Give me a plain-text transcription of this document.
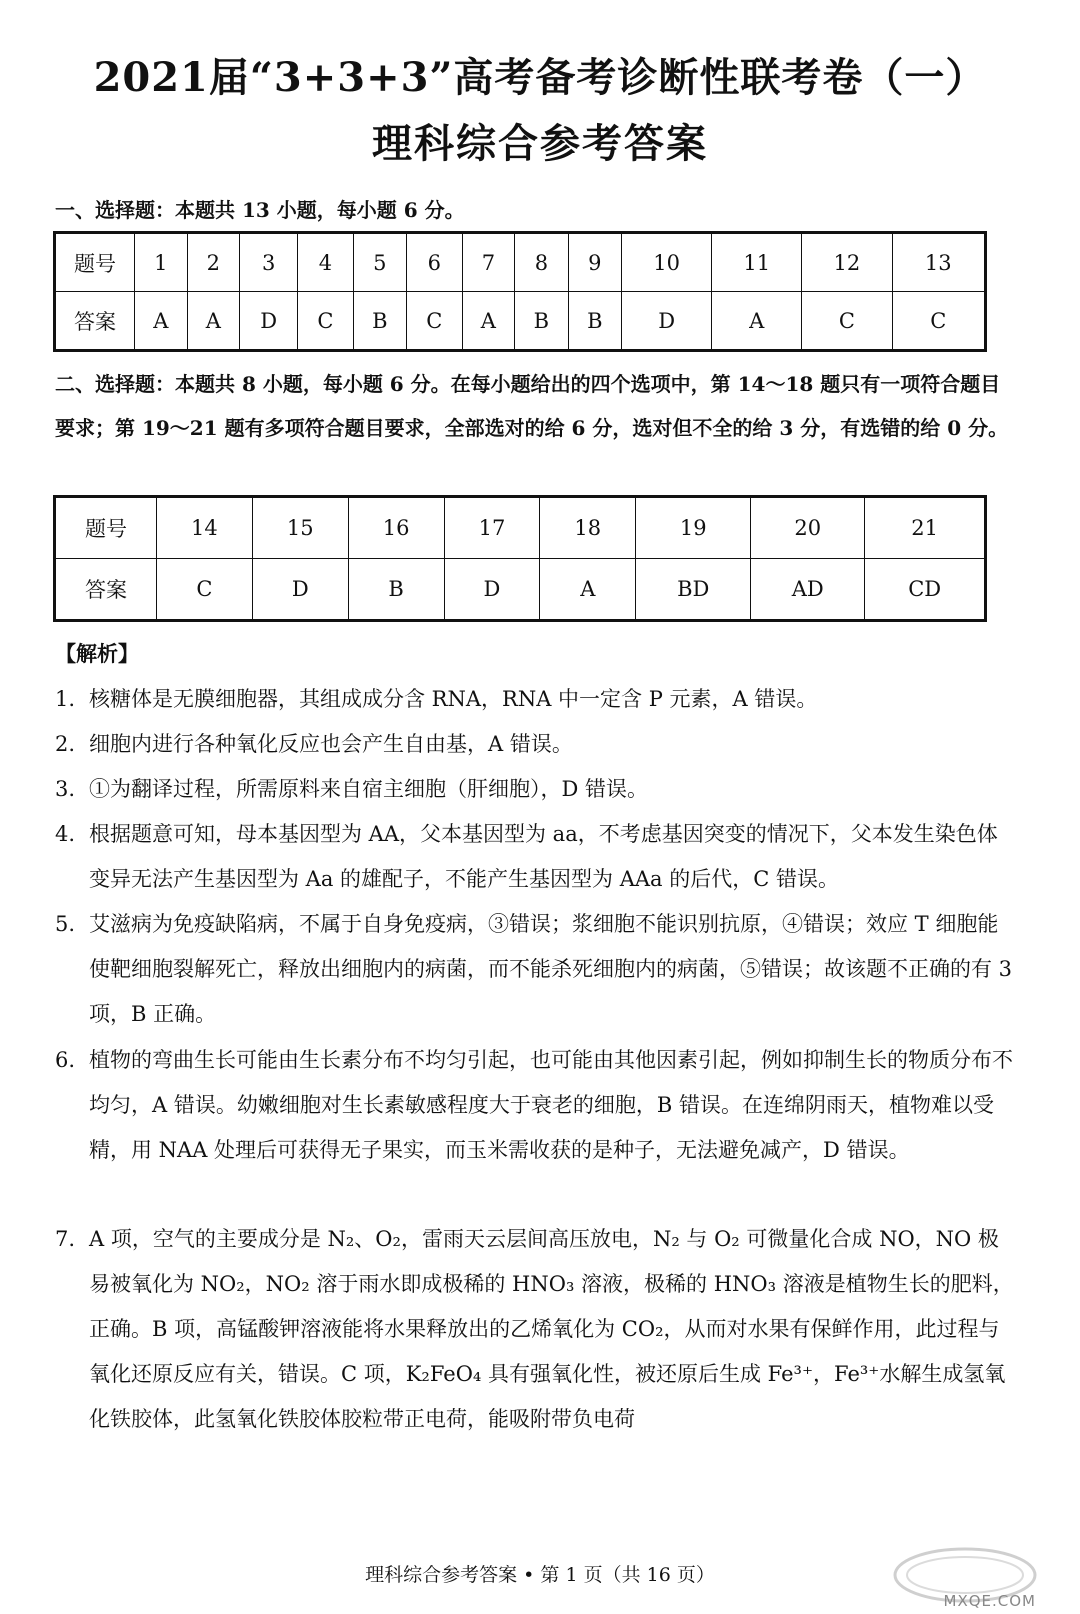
2021届“3+3+3”高考备考诊断性联考卷（一）
理科综合参考答案
一、选择题：本题共 13 小题，每小题 6 分。
题号	1	2	3	4	5	6	7	8	9	10	11	12	13
答案	A	A	D	C	B	C	A	B	B	D	A	C	C
二、选择题：本题共 8 小题，每小题 6 分。在每小题给出的四个选项中，第 14～18 题只有一项符合题目要求；第 19～21 题有多项符合题目要求，全部选对的给 6 分，选对但不全的给 3 分，有选错的给 0 分。
题号	14	15	16	17	18	19	20	21
答案	C	D	B	D	A	BD	AD	CD
【解析】
1. 核糖体是无膜细胞器，其组成成分含 RNA，RNA 中一定含 P 元素，A 错误。
2. 细胞内进行各种氧化反应也会产生自由基，A 错误。
3. ①为翻译过程，所需原料来自宿主细胞（肝细胞），D 错误。
4. 根据题意可知，母本基因型为 AA，父本基因型为 aa，不考虑基因突变的情况下，父本发生染色体变异无法产生基因型为 Aa 的雄配子，不能产生基因型为 AAa 的后代，C 错误。
5. 艾滋病为免疫缺陷病，不属于自身免疫病，③错误；浆细胞不能识别抗原，④错误；效应 T 细胞能使靶细胞裂解死亡，释放出细胞内的病菌，而不能杀死细胞内的病菌，⑤错误；故该题不正确的有 3 项，B 正确。
6. 植物的弯曲生长可能由生长素分布不均匀引起，也可能由其他因素引起，例如抑制生长的物质分布不均匀，A 错误。幼嫩细胞对生长素敏感程度大于衰老的细胞，B 错误。在连绵阴雨天，植物难以受精，用 NAA 处理后可获得无子果实，而玉米需收获的是种子，无法避免减产，D 错误。
7. A 项，空气的主要成分是 N₂、O₂，雷雨天云层间高压放电，N₂ 与 O₂ 可微量化合成 NO，NO 极易被氧化为 NO₂，NO₂ 溶于雨水即成极稀的 HNO₃ 溶液，极稀的 HNO₃ 溶液是植物生长的肥料，正确。B 项，高锰酸钾溶液能将水果释放出的乙烯氧化为 CO₂，从而对水果有保鲜作用，此过程与氧化还原反应有关，错误。C 项，K₂FeO₄ 具有强氧化性，被还原后生成 Fe³⁺，Fe³⁺水解生成氢氧化铁胶体，此氢氧化铁胶体胶粒带正电荷，能吸附带负电荷
理科综合参考答案 • 第 1 页（共 16 页）
MXQE.COM
